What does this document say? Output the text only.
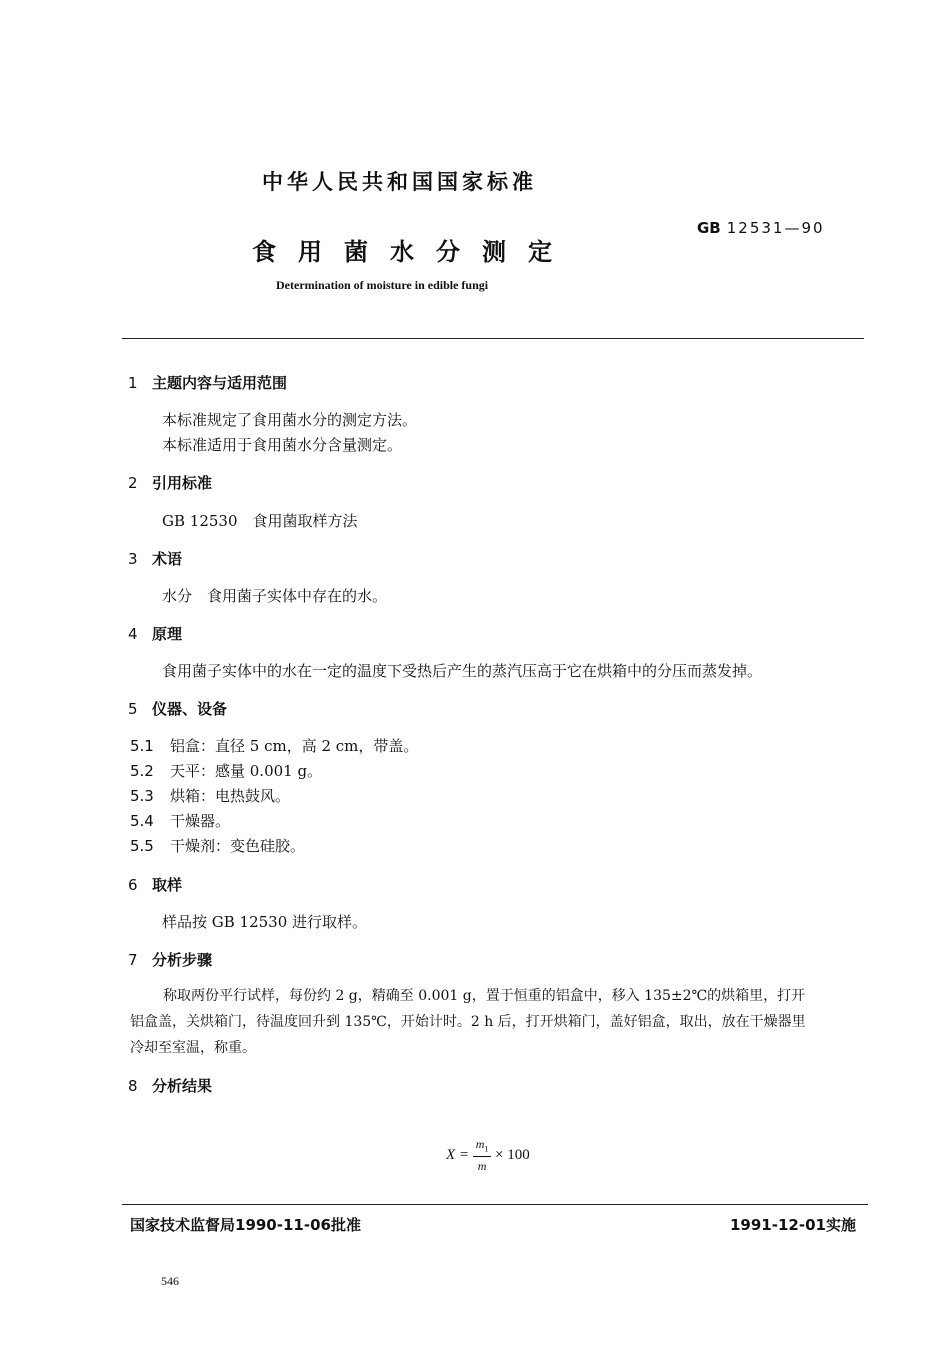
中华人民共和国国家标准
食用菌水分测定
GB 12531—90
Determination of moisture in edible fungi
1 主题内容与适用范围
本标准规定了食用菌水分的测定方法。
本标准适用于食用菌水分含量测定。
2 引用标准
GB 12530　食用菌取样方法
3 术语
水分　食用菌子实体中存在的水。
4 原理
食用菌子实体中的水在一定的温度下受热后产生的蒸汽压高于它在烘箱中的分压而蒸发掉。
5 仪器、设备
5.1 铝盒：直径 5 cm，高 2 cm，带盖。
5.2 天平：感量 0.001 g。
5.3 烘箱：电热鼓风。
5.4 干燥器。
5.5 干燥剂：变色硅胶。
6 取样
样品按 GB 12530 进行取样。
7 分析步骤
称取两份平行试样，每份约 2 g，精确至 0.001 g，置于恒重的铝盒中，移入 135±2℃的烘箱里，打开
铝盒盖，关烘箱门，待温度回升到 135℃，开始计时。2 h 后，打开烘箱门，盖好铝盒，取出，放在干燥器里
冷却至室温，称重。
8 分析结果
$X = \frac{m_1}{m} \times 100$
国家技术监督局1990-11-06批准	1991-12-01实施
546
